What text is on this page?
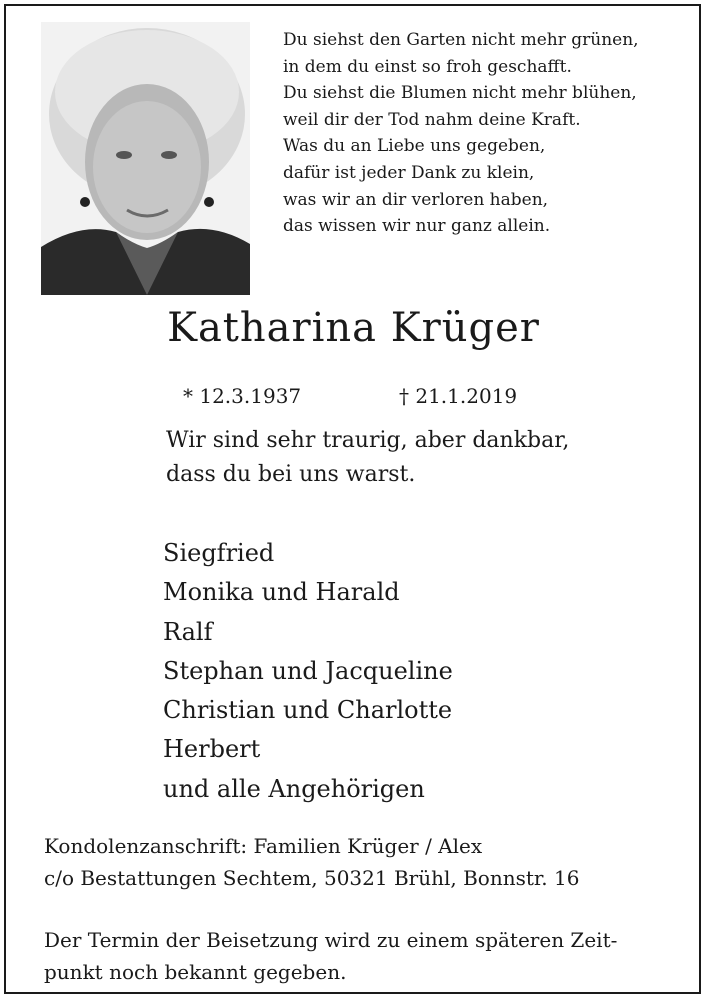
Du siehst den Garten nicht mehr grünen,
in dem du einst so froh geschafft.
Du siehst die Blumen nicht mehr blühen,
weil dir der Tod nahm deine Kraft.
Was du an Liebe uns gegeben,
dafür ist jeder Dank zu klein,
was wir an dir verloren haben,
das wissen wir nur ganz allein.
Katharina Krüger
* 12.3.1937	† 21.1.2019
Wir sind sehr traurig, aber dankbar,
dass du bei uns warst.
Siegfried
Monika und Harald
Ralf
Stephan und Jacqueline
Christian und Charlotte
Herbert
und alle Angehörigen
Kondolenzanschrift: Familien Krüger / Alex
c/o Bestattungen Sechtem, 50321 Brühl, Bonnstr. 16
Der Termin der Beisetzung wird zu einem späteren Zeit-
punkt noch bekannt gegeben.
